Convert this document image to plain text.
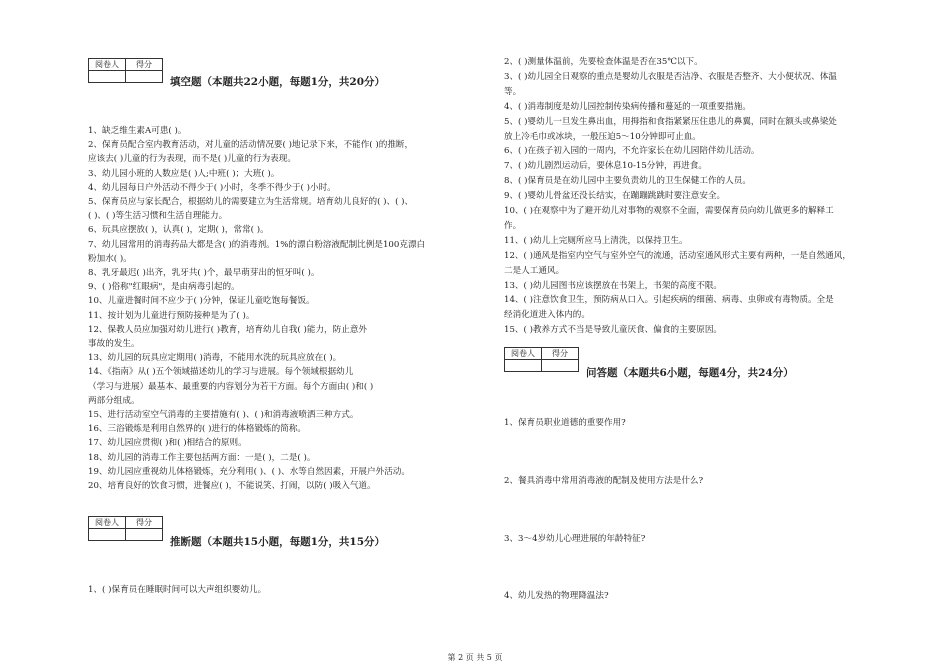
阅卷人	得分

填空题（本题共22小题，每题1分，共20分）
1、缺乏维生素A可患( )。
2、保育员配合室内教育活动，对儿童的活动情况要( )地记录下来，不能作( )的推断，
应该去( )儿童的行为表现，而不是( )儿童的行为表现。
3、幼儿园小班的人数应是( )人;中班( )；大班( )。
4、幼儿园每日户外活动不得少于( )小时，冬季不得少于( )小时。
5、保育员应与家长配合，根据幼儿的需要建立为生活常规。培育幼儿良好的( )、( )、
( )、( )等生活习惯和生活自理能力。
6、玩具应摆放( )，认真( )，定期( )，常常( )。
7、幼儿园常用的消毒药品大都是含( )的消毒剂。1%的漂白粉溶液配制比例是100克漂白
粉加水( )。
8、乳牙最迟( )出齐，乳牙共( )个，最早萌芽出的恒牙叫( )。
9、( )俗称"红眼病"，是由病毒引起的。
10、儿童进餐时间不应少于( )分钟，保证儿童吃饱每餐饭。
11、按计划为儿童进行预防接种是为了( )。
12、保教人员应加强对幼儿进行( )教育，培育幼儿自我( )能力，防止意外
事故的发生。
13、幼儿园的玩具应定期用( )消毒，不能用水洗的玩具应放在( )。
14、《指南》从( )五个领域描述幼儿的学习与进展。每个领域根据幼儿
（学习与进展）最基本、最重要的内容划分为若干方面。每个方面由( )和( )
两部分组成。
15、进行活动室空气消毒的主要措施有( )、( )和消毒液喷洒三种方式。
16、三浴锻炼是利用自然界的( )进行的体格锻炼的简称。
17、幼儿园应贯彻( )和( )相结合的原则。
18、幼儿园的消毒工作主要包括两方面：一是( )，二是( )。
19、幼儿园应重视幼儿体格锻炼，充分利用( )、( )、水等自然因素，开展户外活动。
20、培育良好的饮食习惯，进餐应( )，不能说笑、打闹，以防( )吸入气道。
阅卷人	得分

推断题（本题共15小题，每题1分，共15分）
1、( )保育员在睡眠时间可以大声组织婴幼儿。
2、( )测量体温前，先要检查体温是否在35℃以下。
3、( )幼儿园全日观察的重点是婴幼儿衣服是否洁净、衣服是否整齐、大小便状况、体温
等。
4、( )消毒制度是幼儿园控制传染病传播和蔓延的一项重要措施。
5、( )婴幼儿一旦发生鼻出血，用拇指和食指紧紧压住患儿的鼻翼，同时在额头或鼻梁处
放上冷毛巾或冰块，一般压迫5～10分钟即可止血。
6、( )在孩子初入园的一周内，不允许家长在幼儿园陪伴幼儿活动。
7、( )幼儿剧烈运动后，要休息10-15分钟，再进食。
8、( )保育员是在幼儿园中主要负责幼儿的卫生保健工作的人员。
9、( )婴幼儿骨盆还没长结实，在蹦蹦跳跳时要注意安全。
10、( )在观察中为了避开幼儿对事物的观察不全面，需要保育员向幼儿做更多的解释工
作。
11、( )幼儿上完厕所应马上清洗，以保持卫生。
12、( )通风是指室内空气与室外空气的流通，活动室通风形式主要有两种，一是自然通风，
二是人工通风。
13、( )幼儿园图书应该摆放在书架上，书架的高度不限。
14、( )注意饮食卫生，预防病从口入。引起疾病的细菌、病毒、虫卵或有毒物质。全是
经消化道进入体内的。
15、( )教养方式不当是导致儿童厌食、偏食的主要原因。
阅卷人	得分

问答题（本题共6小题，每题4分，共24分）
1、保育员职业道德的重要作用?
2、餐具消毒中常用消毒液的配制及使用方法是什么?
3、3～4岁幼儿心理进展的年龄特征?
4、幼儿发热的物理降温法?
第 2 页 共 5 页
